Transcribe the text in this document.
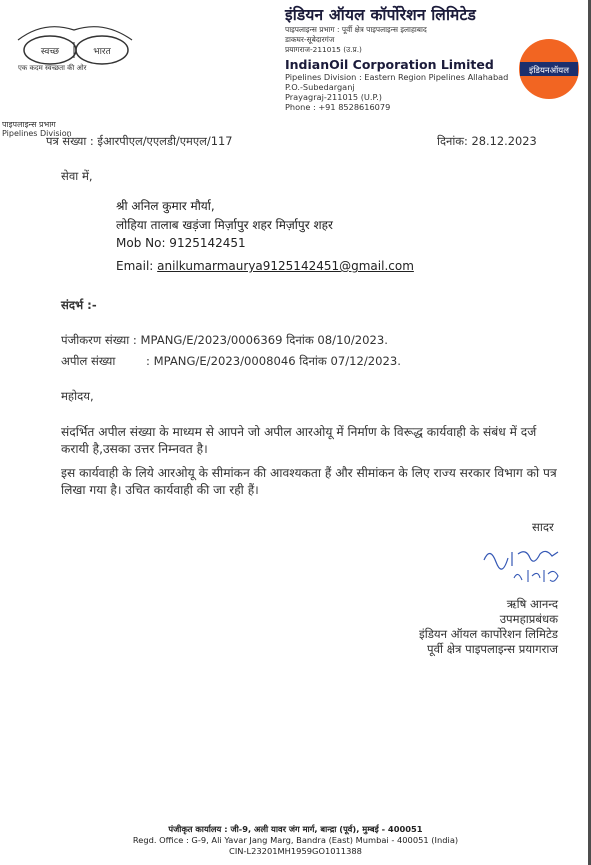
स्वच्छ	भारत
एक कदम स्वच्छता की ओर
इंडियन ऑयल कॉर्पोरेशन लिमिटेड
पाइपलाइन्स प्रभाग : पूर्वी क्षेत्र पाइपलाइन्स इलाहाबाद
डाकघर-सूबेदारगंज
प्रयागराज-211015 (उ.प्र.)
IndianOil Corporation Limited
Pipelines Division : Eastern Region Pipelines Allahabad
P.O.-Subedarganj
Prayagraj-211015 (U.P.)
Phone : +91 8528616079
इंडियनऑयल
पाइपलाइन्स प्रभाग
Pipelines Division
पत्र संख्या : ईआरपीएल/एएलडी/एमएल/117	दिनांक: 28.12.2023
सेवा में,
श्री अनिल कुमार मौर्या,
लोहिया तालाब खड़ंजा मिर्ज़ापुर शहर मिर्ज़ापुर शहर
Mob No: 9125142451
Email: anilkumarmaurya9125142451@gmail.com
संदर्भ :-
पंजीकरण संख्या : MPANG/E/2023/0006369 दिनांक 08/10/2023.
अपील संख्या	: MPANG/E/2023/0008046 दिनांक 07/12/2023.
महोदय,
संदर्भित अपील संख्या के माध्यम से आपने जो अपील आरओयू में निर्माण के विरूद्ध कार्यवाही के संबंध में दर्ज करायी है,उसका उत्तर निम्नवत है।
इस कार्यवाही के लिये आरओयू के सीमांकन की आवश्यकता हैं और सीमांकन के लिए राज्य सरकार विभाग को पत्र लिखा गया है। उचित कार्यवाही की जा रही हैं।
सादर
ऋषि आनन्द
उपमहाप्रबंधक
इंडियन ऑयल कार्पोरेशन लिमिटेड
पूर्वी क्षेत्र पाइपलाइन्स प्रयागराज
पंजीकृत कार्यालय : जी-9, अली यावर जंग मार्ग, बान्द्रा (पूर्व), मुम्बई - 400051
Regd. Office : G-9, Ali Yavar Jang Marg, Bandra (East) Mumbai - 400051 (India)
CIN-L23201MH1959GO1011388
